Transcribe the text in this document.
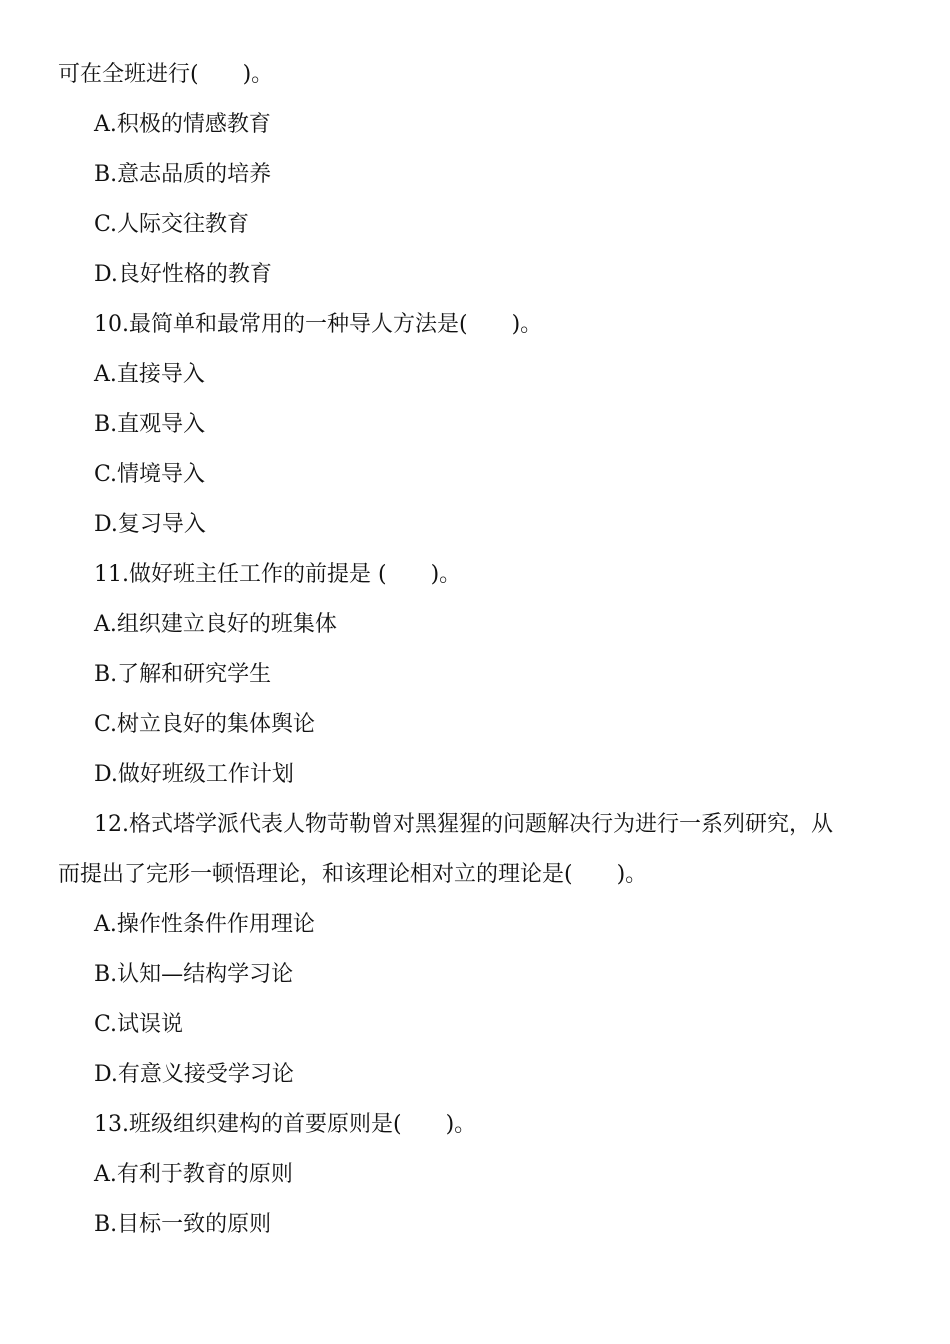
可在全班进行(　　)。
A.积极的情感教育
B.意志品质的培养
C.人际交往教育
D.良好性格的教育
10.最简单和最常用的一种导人方法是(　　)。
A.直接导入
B.直观导入
C.情境导入
D.复习导入
11.做好班主任工作的前提是 (　　)。
A.组织建立良好的班集体
B.了解和研究学生
C.树立良好的集体舆论
D.做好班级工作计划
12.格式塔学派代表人物苛勒曾对黑猩猩的问题解决行为进行一系列研究，从
而提出了完形一顿悟理论，和该理论相对立的理论是(　　)。
A.操作性条件作用理论
B.认知—结构学习论
C.试误说
D.有意义接受学习论
13.班级组织建构的首要原则是(　　)。
A.有利于教育的原则
B.目标一致的原则
